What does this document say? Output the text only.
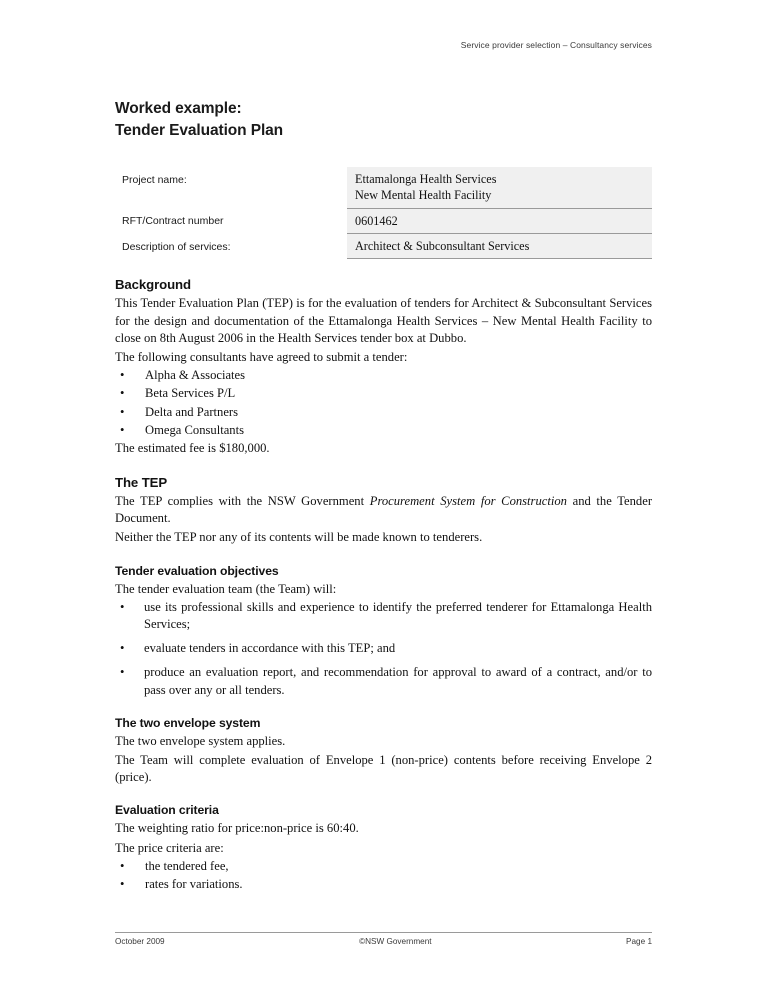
Service provider selection – Consultancy services
Worked example:
Tender Evaluation Plan
Project name:	Ettamalonga Health Services
New Mental Health Facility

RFT/Contract number	0601462

Description of services:	Architect & Subconsultant Services
Background

This Tender Evaluation Plan (TEP) is for the evaluation of tenders for Architect & Subconsultant Services for the design and documentation of the Ettamalonga Health Services – New Mental Health Facility to close on 8th August 2006 in the Health Services tender box at Dubbo.

The following consultants have agreed to submit a tender:

• Alpha & Associates
• Beta Services P/L
• Delta and Partners
• Omega Consultants

The estimated fee is $180,000.

The TEP

The TEP complies with the NSW Government Procurement System for Construction and the Tender Document.

Neither the TEP nor any of its contents will be made known to tenderers.

Tender evaluation objectives

The tender evaluation team (the Team) will:

• use its professional skills and experience to identify the preferred tenderer for Ettamalonga Health Services;
• evaluate tenders in accordance with this TEP; and
• produce an evaluation report, and recommendation for approval to award of a contract, and/or to pass over any or all tenders.
The two envelope system

The two envelope system applies.

The Team will complete evaluation of Envelope 1 (non-price) contents before receiving Envelope 2 (price).

Evaluation criteria

The weighting ratio for price:non-price is 60:40.

The price criteria are:

• the tendered fee,
• rates for variations.
October 2009	©NSW Government	Page 1
